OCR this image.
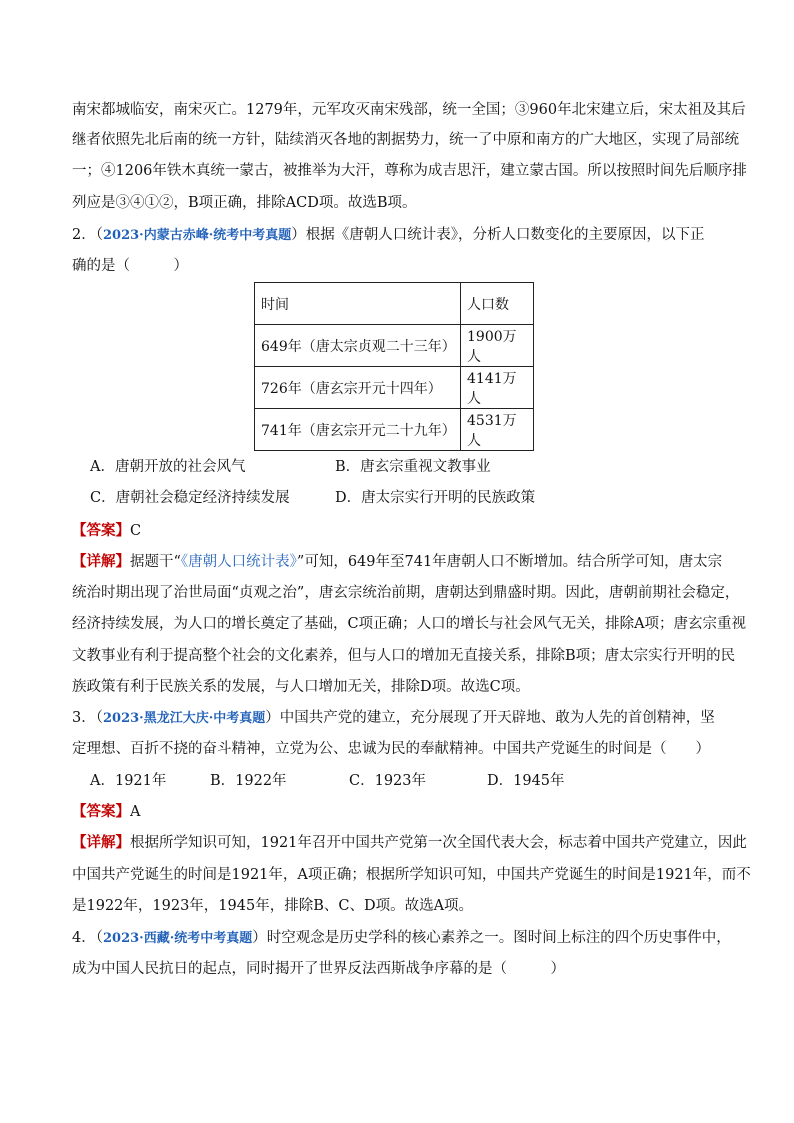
南宋都城临安，南宋灭亡。1279年，元军攻灭南宋残部，统一全国；③960年北宋建立后，宋太祖及其后
继者依照先北后南的统一方针，陆续消灭各地的割据势力，统一了中原和南方的广大地区，实现了局部统
一；④1206年铁木真统一蒙古，被推举为大汗，尊称为成吉思汗，建立蒙古国。所以按照时间先后顺序排
列应是③④①②，B项正确，排除ACD项。故选B项。
2．（2023·内蒙古赤峰·统考中考真题）根据《唐朝人口统计表》，分析人口数变化的主要原因，以下正
确的是（　　　）
时间	人口数
649年（唐太宗贞观二十三年）	1900万人
726年（唐玄宗开元十四年）	4141万人
741年（唐玄宗开元二十九年）	4531万人
A．唐朝开放的社会风气	B．唐玄宗重视文教事业
C．唐朝社会稳定经济持续发展	D．唐太宗实行开明的民族政策
【答案】C
【详解】据题干“《唐朝人口统计表》”可知，649年至741年唐朝人口不断增加。结合所学可知，唐太宗
统治时期出现了治世局面“贞观之治”，唐玄宗统治前期，唐朝达到鼎盛时期。因此，唐朝前期社会稳定，
经济持续发展，为人口的增长奠定了基础，C项正确；人口的增长与社会风气无关，排除A项；唐玄宗重视
文教事业有利于提高整个社会的文化素养，但与人口的增加无直接关系，排除B项；唐太宗实行开明的民
族政策有利于民族关系的发展，与人口增加无关，排除D项。故选C项。
3．（2023·黑龙江大庆·中考真题）中国共产党的建立，充分展现了开天辟地、敢为人先的首创精神，坚
定理想、百折不挠的奋斗精神，立党为公、忠诚为民的奉献精神。中国共产党诞生的时间是（　　）
A．1921年	B．1922年	C．1923年	D．1945年
【答案】A
【详解】根据所学知识可知，1921年召开中国共产党第一次全国代表大会，标志着中国共产党建立，因此
中国共产党诞生的时间是1921年，A项正确；根据所学知识可知，中国共产党诞生的时间是1921年，而不
是1922年，1923年，1945年，排除B、C、D项。故选A项。
4．（2023·西藏·统考中考真题）时空观念是历史学科的核心素养之一。图时间上标注的四个历史事件中，
成为中国人民抗日的起点，同时揭开了世界反法西斯战争序幕的是（　　　）
